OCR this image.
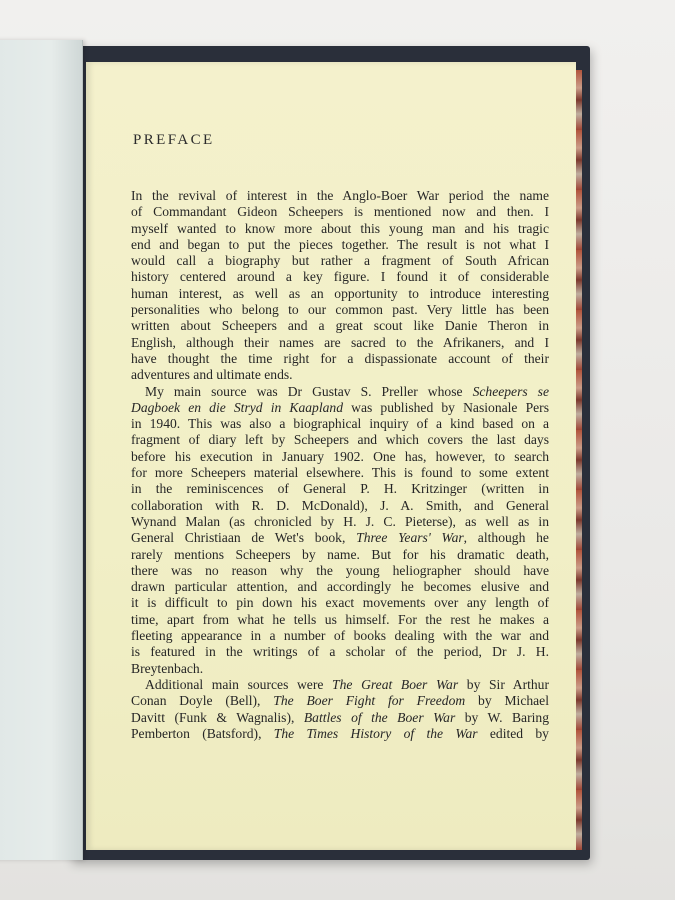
PREFACE
In the revival of interest in the Anglo-Boer War period the name
of Commandant Gideon Scheepers is mentioned now and then. I
myself wanted to know more about this young man and his tragic
end and began to put the pieces together. The result is not what I
would call a biography but rather a fragment of South African
history centered around a key figure. I found it of considerable
human interest, as well as an opportunity to introduce interesting
personalities who belong to our common past. Very little has been
written about Scheepers and a great scout like Danie Theron in
English, although their names are sacred to the Afrikaners, and I
have thought the time right for a dispassionate account of their
adventures and ultimate ends.
My main source was Dr Gustav S. Preller whose Scheepers se
Dagboek en die Stryd in Kaapland was published by Nasionale Pers
in 1940. This was also a biographical inquiry of a kind based on a
fragment of diary left by Scheepers and which covers the last days
before his execution in January 1902. One has, however, to search
for more Scheepers material elsewhere. This is found to some extent
in the reminiscences of General P. H. Kritzinger (written in
collaboration with R. D. McDonald), J. A. Smith, and General
Wynand Malan (as chronicled by H. J. C. Pieterse), as well as in
General Christiaan de Wet's book, Three Years' War, although he
rarely mentions Scheepers by name. But for his dramatic death,
there was no reason why the young heliographer should have
drawn particular attention, and accordingly he becomes elusive and
it is difficult to pin down his exact movements over any length of
time, apart from what he tells us himself. For the rest he makes a
fleeting appearance in a number of books dealing with the war and
is featured in the writings of a scholar of the period, Dr J. H.
Breytenbach.
Additional main sources were The Great Boer War by Sir Arthur
Conan Doyle (Bell), The Boer Fight for Freedom by Michael
Davitt (Funk & Wagnalis), Battles of the Boer War by W. Baring
Pemberton (Batsford), The Times History of the War edited by
